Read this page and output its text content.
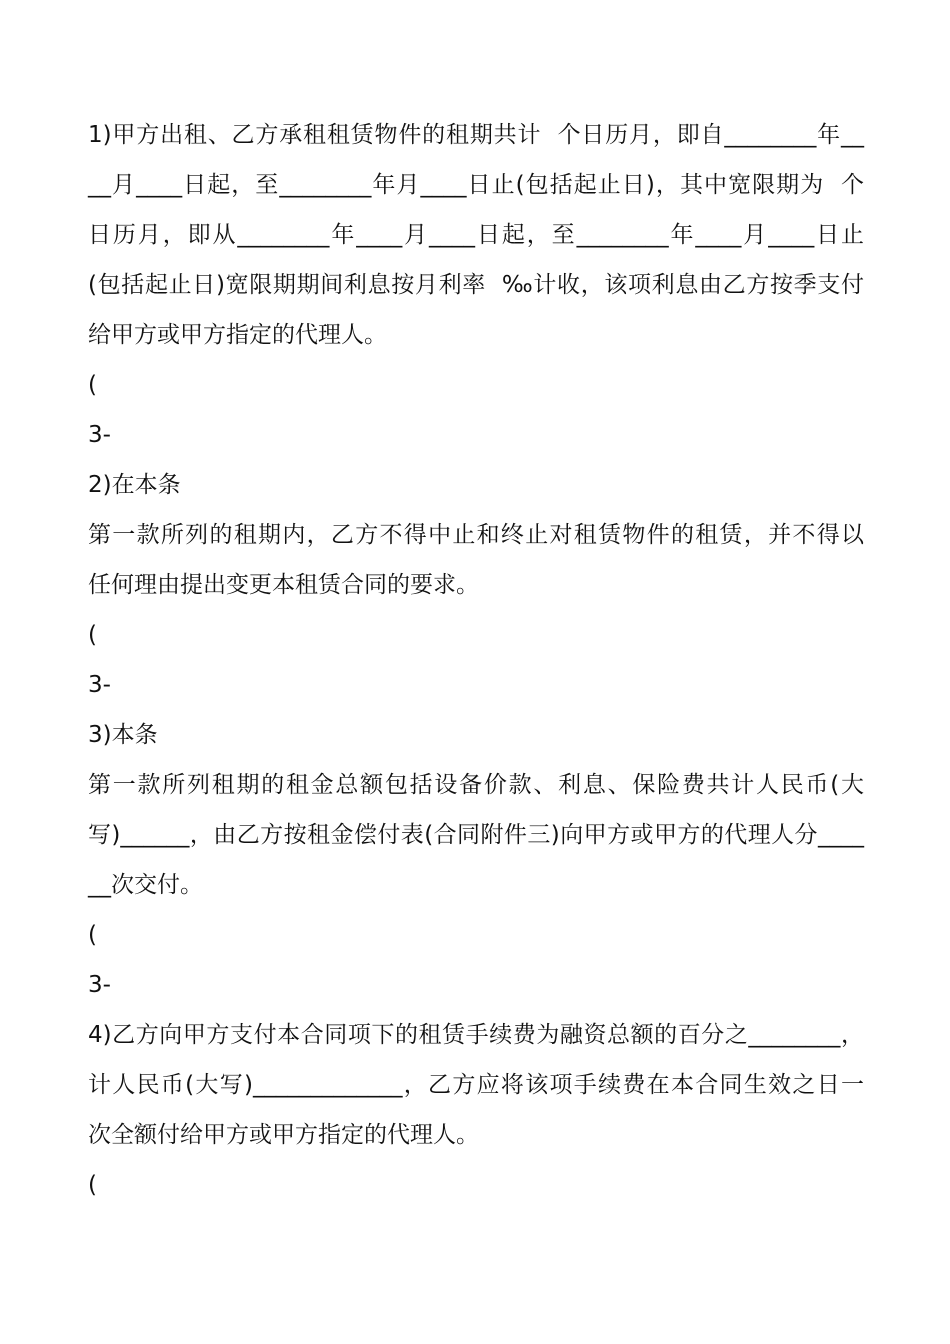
1)甲方出租、乙方承租租赁物件的租期共计  个日历月，即自________年__
__月____日起，至________年月____日止(包括起止日)，其中宽限期为  个
日历月，即从________年____月____日起，至________年____月____日止
(包括起止日)宽限期期间利息按月利率  ‰计收，该项利息由乙方按季支付
给甲方或甲方指定的代理人。
(
3-
2)在本条
第一款所列的租期内，乙方不得中止和终止对租赁物件的租赁，并不得以
任何理由提出变更本租赁合同的要求。
(
3-
3)本条
第一款所列租期的租金总额包括设备价款、利息、保险费共计人民币(大
写)______，由乙方按租金偿付表(合同附件三)向甲方或甲方的代理人分____
__次交付。
(
3-
4)乙方向甲方支付本合同项下的租赁手续费为融资总额的百分之________，
计人民币(大写)_____________，乙方应将该项手续费在本合同生效之日一
次全额付给甲方或甲方指定的代理人。
(
